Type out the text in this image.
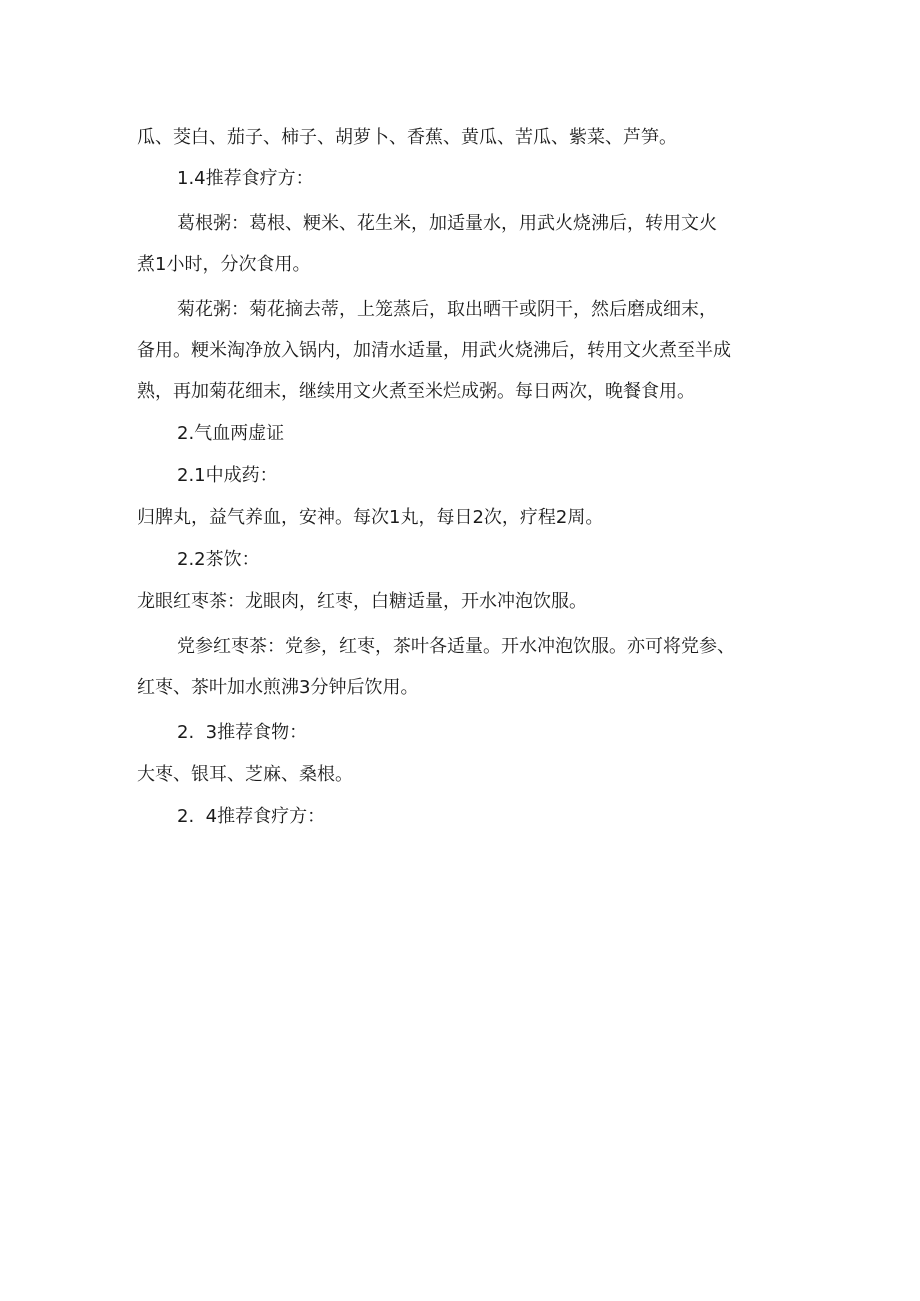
瓜、茭白、茄子、柿子、胡萝卜、香蕉、黄瓜、苦瓜、紫菜、芦笋。

1.4推荐食疗方：

葛根粥：葛根、粳米、花生米，加适量水，用武火烧沸后，转用文火

煮1小时，分次食用。

菊花粥：菊花摘去蒂，上笼蒸后，取出晒干或阴干，然后磨成细末，

备用。粳米淘净放入锅内，加清水适量，用武火烧沸后，转用文火煮至半成

熟，再加菊花细末，继续用文火煮至米烂成粥。每日两次，晚餐食用。

2.气血两虚证

2.1中成药：

归脾丸，益气养血，安神。每次1丸，每日2次，疗程2周。

2.2茶饮：

龙眼红枣茶：龙眼肉，红枣，白糖适量，开水冲泡饮服。

党参红枣茶：党参，红枣，茶叶各适量。开水冲泡饮服。亦可将党参、

红枣、茶叶加水煎沸3分钟后饮用。

2.  3推荐食物：

大枣、银耳、芝麻、桑根。

2.  4推荐食疗方：
